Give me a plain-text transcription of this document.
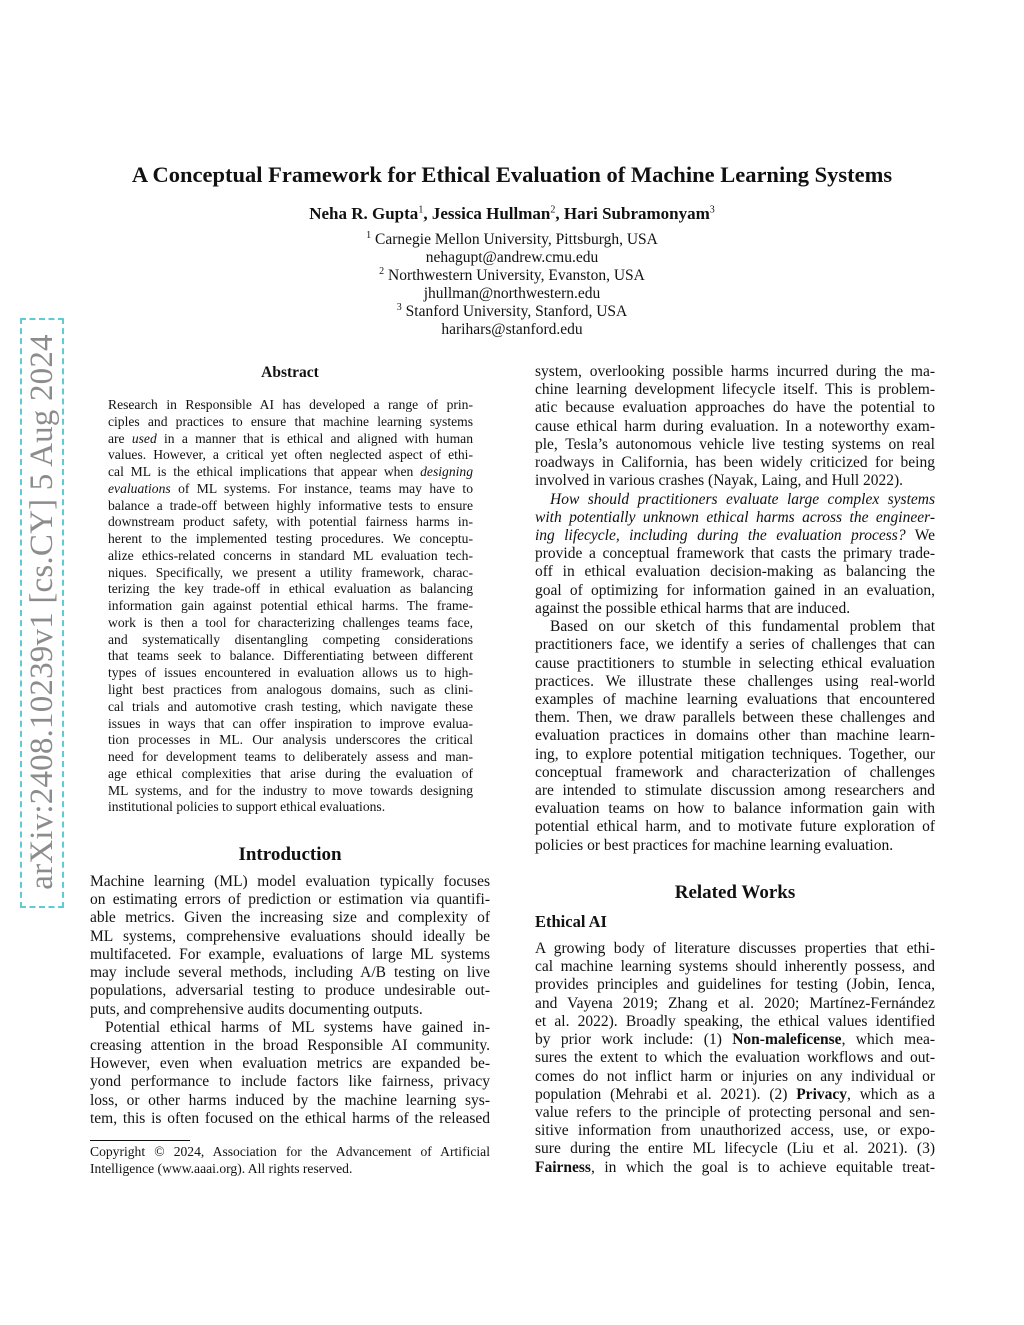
A Conceptual Framework for Ethical Evaluation of Machine Learning Systems
Neha R. Gupta$^1$, Jessica Hullman$^2$, Hari Subramonyam$^3$
$^1$ Carnegie Mellon University, Pittsburgh, USA
nehagupt@andrew.cmu.edu
$^2$ Northwestern University, Evanston, USA
jhullman@northwestern.edu
$^3$ Stanford University, Stanford, USA
harihars@stanford.edu
arXiv:2408.10239v1 [cs.CY] 5 Aug 2024	Abstract
Research in Responsible AI has developed a range of prin-
ciples and practices to ensure that machine learning systems
are used in a manner that is ethical and aligned with human
values. However, a critical yet often neglected aspect of ethi-
cal ML is the ethical implications that appear when designing
evaluations of ML systems. For instance, teams may have to
balance a trade-off between highly informative tests to ensure
downstream product safety, with potential fairness harms in-
herent to the implemented testing procedures. We conceptu-
alize ethics-related concerns in standard ML evaluation tech-
niques. Specifically, we present a utility framework, charac-
terizing the key trade-off in ethical evaluation as balancing
information gain against potential ethical harms. The frame-
work is then a tool for characterizing challenges teams face,
and systematically disentangling competing considerations
that teams seek to balance. Differentiating between different
types of issues encountered in evaluation allows us to high-
light best practices from analogous domains, such as clini-
cal trials and automotive crash testing, which navigate these
issues in ways that can offer inspiration to improve evalua-
tion processes in ML. Our analysis underscores the critical
need for development teams to deliberately assess and man-
age ethical complexities that arise during the evaluation of
ML systems, and for the industry to move towards designing
institutional policies to support ethical evaluations.
Introduction
Machine learning (ML) model evaluation typically focuses
on estimating errors of prediction or estimation via quantifi-
able metrics. Given the increasing size and complexity of
ML systems, comprehensive evaluations should ideally be
multifaceted. For example, evaluations of large ML systems
may include several methods, including A/B testing on live
populations, adversarial testing to produce undesirable out-
puts, and comprehensive audits documenting outputs.
Potential ethical harms of ML systems have gained in-
creasing attention in the broad Responsible AI community.
However, even when evaluation metrics are expanded be-
yond performance to include factors like fairness, privacy
loss, or other harms induced by the machine learning sys-
tem, this is often focused on the ethical harms of the released
Copyright © 2024, Association for the Advancement of Artificial
Intelligence (www.aaai.org). All rights reserved.
system, overlooking possible harms incurred during the ma-
chine learning development lifecycle itself. This is problem-
atic because evaluation approaches do have the potential to
cause ethical harm during evaluation. In a noteworthy exam-
ple, Tesla’s autonomous vehicle live testing systems on real
roadways in California, has been widely criticized for being
involved in various crashes (Nayak, Laing, and Hull 2022).
How should practitioners evaluate large complex systems
with potentially unknown ethical harms across the engineer-
ing lifecycle, including during the evaluation process? We
provide a conceptual framework that casts the primary trade-
off in ethical evaluation decision-making as balancing the
goal of optimizing for information gained in an evaluation,
against the possible ethical harms that are induced.
Based on our sketch of this fundamental problem that
practitioners face, we identify a series of challenges that can
cause practitioners to stumble in selecting ethical evaluation
practices. We illustrate these challenges using real-world
examples of machine learning evaluations that encountered
them. Then, we draw parallels between these challenges and
evaluation practices in domains other than machine learn-
ing, to explore potential mitigation techniques. Together, our
conceptual framework and characterization of challenges
are intended to stimulate discussion among researchers and
evaluation teams on how to balance information gain with
potential ethical harm, and to motivate future exploration of
policies or best practices for machine learning evaluation.
Related Works
Ethical AI
A growing body of literature discusses properties that ethi-
cal machine learning systems should inherently possess, and
provides principles and guidelines for testing (Jobin, Ienca,
and Vayena 2019; Zhang et al. 2020; Martínez-Fernández
et al. 2022). Broadly speaking, the ethical values identified
by prior work include: (1) Non-maleficense, which mea-
sures the extent to which the evaluation workflows and out-
comes do not inflict harm or injuries on any individual or
population (Mehrabi et al. 2021). (2) Privacy, which as a
value refers to the principle of protecting personal and sen-
sitive information from unauthorized access, use, or expo-
sure during the entire ML lifecycle (Liu et al. 2021). (3)
Fairness, in which the goal is to achieve equitable treat-
